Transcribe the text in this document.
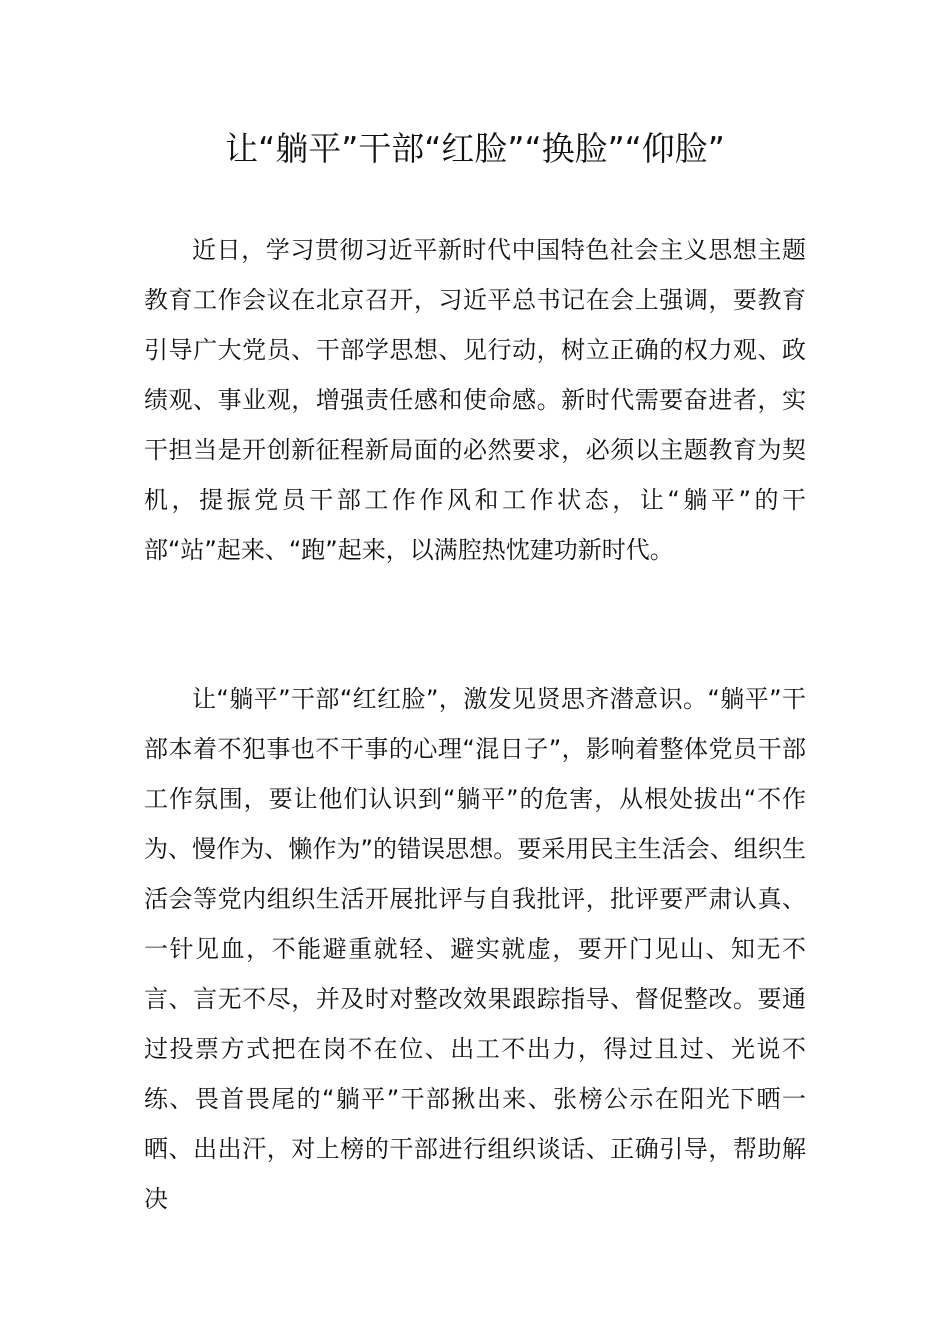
让“躺平”干部“红脸”“换脸”“仰脸”

近日，学习贯彻习近平新时代中国特色社会主义思想主题教育工作会议在北京召开，习近平总书记在会上强调，要教育引导广大党员、干部学思想、见行动，树立正确的权力观、政绩观、事业观，增强责任感和使命感。新时代需要奋进者，实干担当是开创新征程新局面的必然要求，必须以主题教育为契机，提振党员干部工作作风和工作状态，让“躺平”的干部“站”起来、“跑”起来，以满腔热忱建功新时代。

让“躺平”干部“红红脸”，激发见贤思齐潜意识。“躺平”干部本着不犯事也不干事的心理“混日子”，影响着整体党员干部工作氛围，要让他们认识到“躺平”的危害，从根处拔出“不作为、慢作为、懒作为”的错误思想。要采用民主生活会、组织生活会等党内组织生活开展批评与自我批评，批评要严肃认真、一针见血，不能避重就轻、避实就虚，要开门见山、知无不言、言无不尽，并及时对整改效果跟踪指导、督促整改。要通过投票方式把在岗不在位、出工不出力，得过且过、光说不练、畏首畏尾的“躺平”干部揪出来、张榜公示在阳光下晒一晒、出出汗，对上榜的干部进行组织谈话、正确引导，帮助解决
